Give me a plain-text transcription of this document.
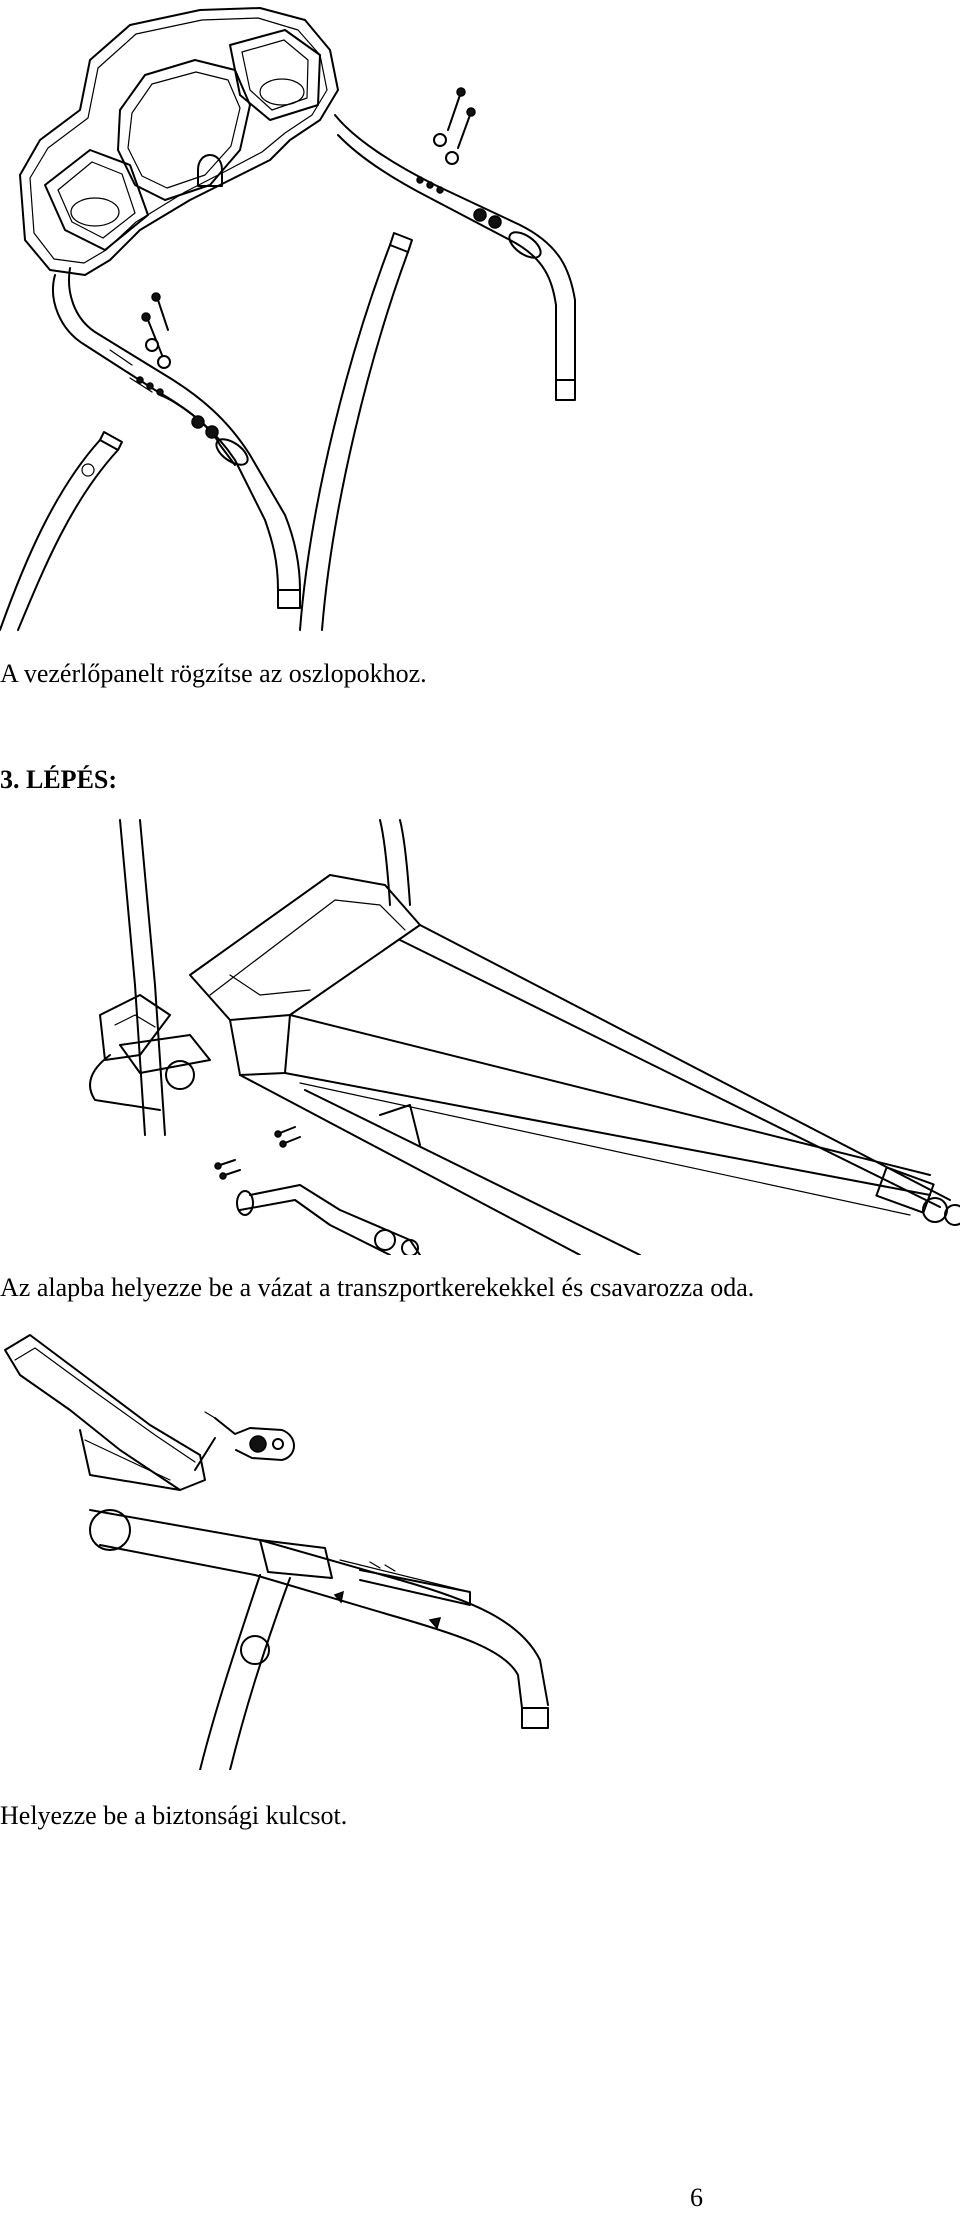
A vezérlőpanelt rögzítse az oszlopokhoz.

3. LÉPÉS:

Az alapba helyezze be a vázat a transzportkerekekkel és csavarozza oda.

Helyezze be a biztonsági kulcsot.

6
